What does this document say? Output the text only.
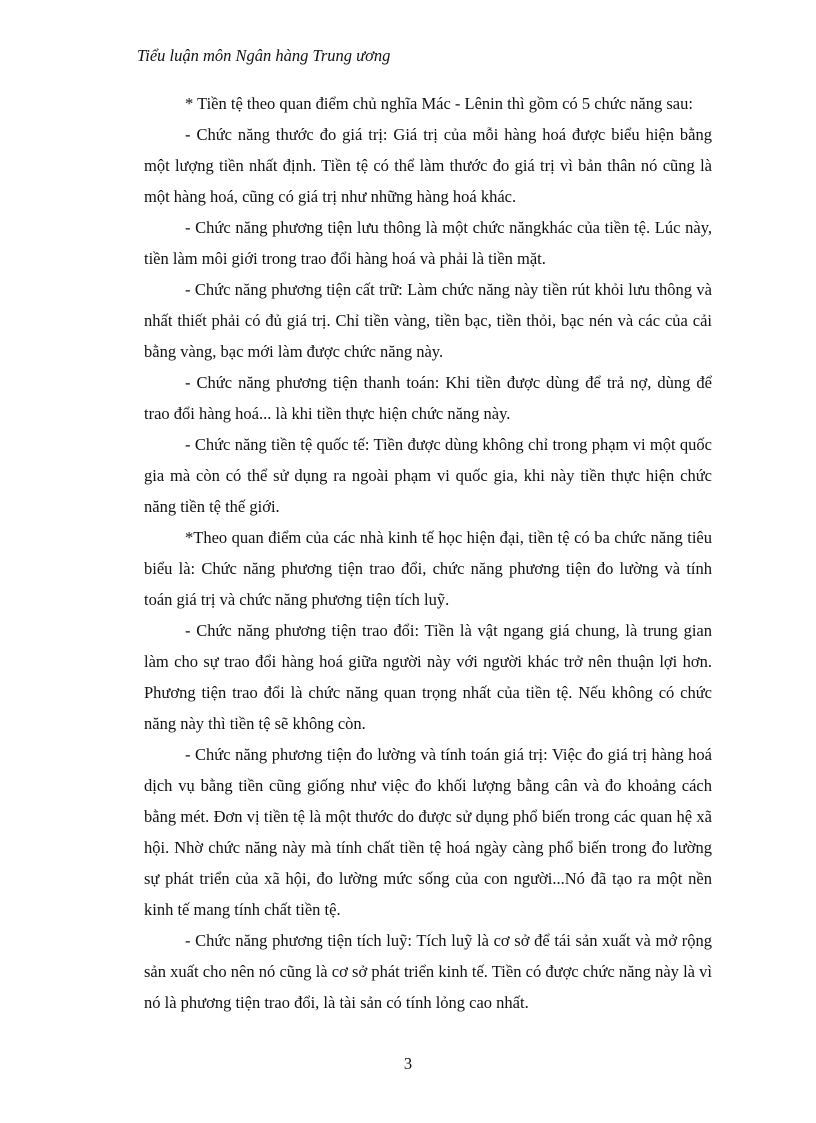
Tiểu luận môn Ngân hàng Trung ương

* Tiền tệ theo quan điểm chủ nghĩa Mác - Lênin thì gồm có 5 chức năng sau:

- Chức năng thước đo giá trị: Giá trị của mỗi hàng hoá được biểu hiện bằng một lượng tiền nhất định. Tiền tệ có thể làm thước đo giá trị vì bản thân nó cũng là một hàng hoá, cũng có giá trị như những hàng hoá khác.

- Chức năng phương tiện lưu thông là một chức năngkhác của tiền tệ. Lúc này, tiền làm môi giới trong trao đổi hàng hoá và phải là tiền mặt.

- Chức năng phương tiện cất trữ: Làm chức năng này tiền rút khỏi lưu thông và nhất thiết phải có đủ giá trị. Chỉ tiền vàng, tiền bạc, tiền thỏi, bạc nén và các của cải bằng vàng, bạc mới làm được chức năng này.

- Chức năng phương tiện thanh toán: Khi tiền được dùng để trả nợ, dùng để trao đổi hàng hoá... là khi tiền thực hiện chức năng này.

- Chức năng tiền tệ quốc tế: Tiền được dùng không chỉ trong phạm vi một quốc gia mà còn có thể sử dụng ra ngoài phạm vi quốc gia, khi này tiền thực hiện chức năng tiền tệ thế giới.

*Theo quan điểm của các nhà kinh tế học hiện đại, tiền tệ có ba chức năng tiêu biểu là: Chức năng phương tiện trao đổi, chức năng phương tiện đo lường và tính toán giá trị và chức năng phương tiện tích luỹ.

- Chức năng phương tiện trao đổi: Tiền là vật ngang giá chung, là trung gian làm cho sự trao đổi hàng hoá giữa người này với người khác trở nên thuận lợi hơn. Phương tiện trao đổi là chức năng quan trọng nhất của tiền tệ. Nếu không có chức năng này thì tiền tệ sẽ không còn.

- Chức năng phương tiện đo lường và tính toán giá trị: Việc đo giá trị hàng hoá dịch vụ bằng tiền cũng giống như việc đo khối lượng bằng cân và đo khoảng cách bằng mét. Đơn vị tiền tệ là một thước do được sử dụng phổ biến trong các quan hệ xã hội. Nhờ chức năng này mà tính chất tiền tệ hoá ngày càng phổ biến trong đo lường sự phát triển của xã hội, đo lường mức sống của con người...Nó đã tạo ra một nền kinh tế mang tính chất tiền tệ.

- Chức năng phương tiện tích luỹ: Tích luỹ là cơ sở để tái sản xuất và mở rộng sản xuất cho nên nó cũng là cơ sở phát triển kinh tế. Tiền có được chức năng này là vì nó là phương tiện trao đổi, là tài sản có tính lỏng cao nhất.

3
